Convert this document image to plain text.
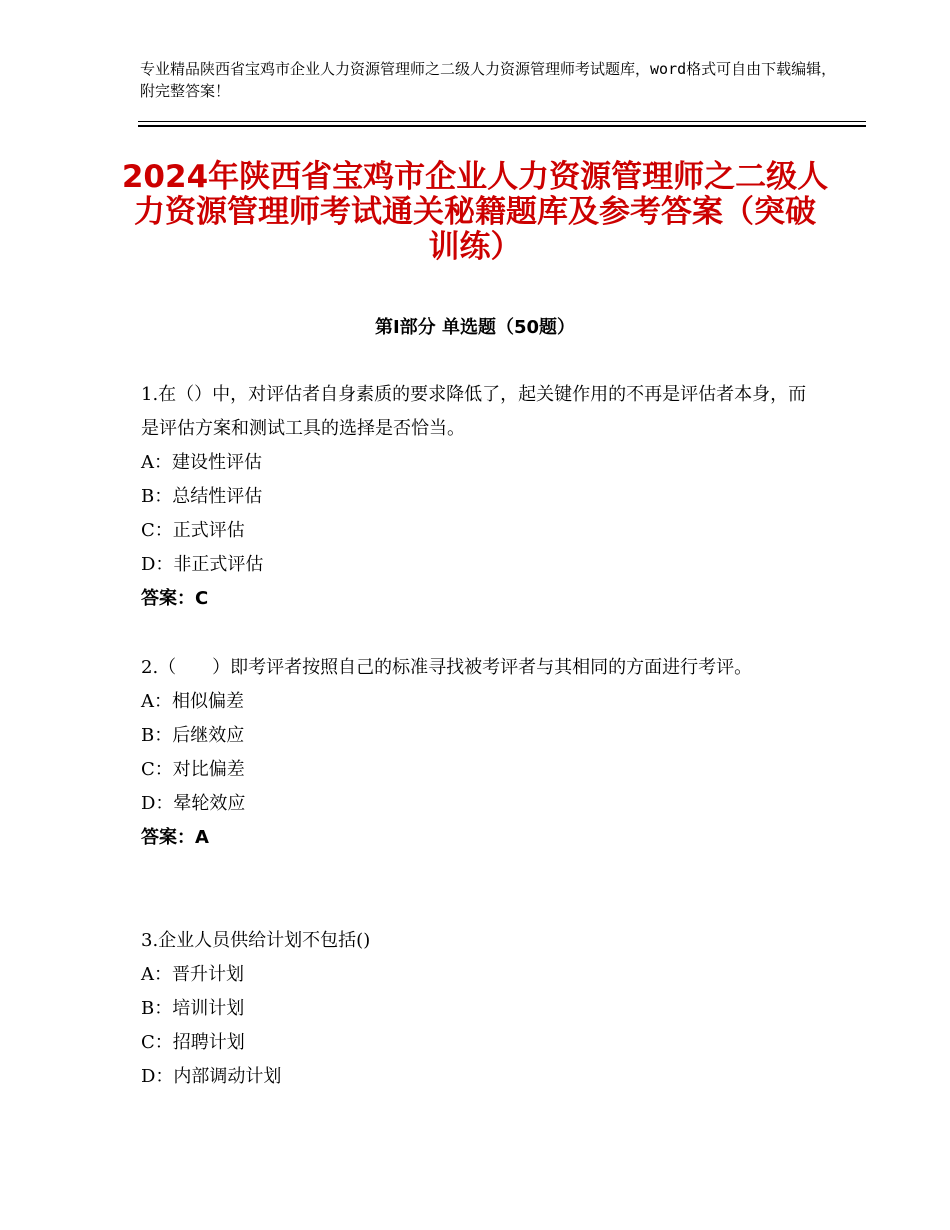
专业精品陕西省宝鸡市企业人力资源管理师之二级人力资源管理师考试题库，word格式可自由下载编辑，附完整答案！
2024年陕西省宝鸡市企业人力资源管理师之二级人力资源管理师考试通关秘籍题库及参考答案（突破训练）
第Ⅰ部分 单选题（50题）

1.在（）中，对评估者自身素质的要求降低了，起关键作用的不再是评估者本身，而是评估方案和测试工具的选择是否恰当。

A：建设性评估

B：总结性评估

C：正式评估

D：非正式评估

答案：C

2.（　　）即考评者按照自己的标准寻找被考评者与其相同的方面进行考评。

A：相似偏差

B：后继效应

C：对比偏差

D：晕轮效应

答案：A

3.企业人员供给计划不包括()

A：晋升计划

B：培训计划

C：招聘计划

D：内部调动计划
